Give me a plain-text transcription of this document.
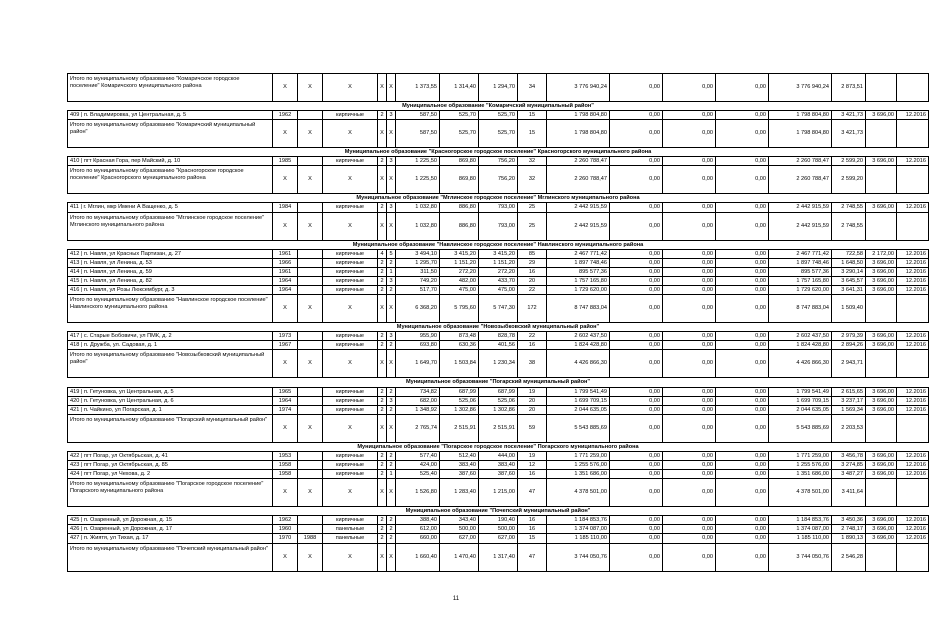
Итого по муниципальному образованию "Комаричское городское поселение" Комаричского муниципального района	X	X	X	X	X	1 373,55	1 314,40	1 294,70	34	3 776 940,24	0,00	0,00	0,00	3 776 940,24	2 873,51		
Муниципальное образование "Комаричский муниципальный район"																	
409 | п. Владимировка, ул Центральная, д. 5	1962		кирпичные	2	3	587,50	525,70	525,70	15	1 798 804,80	0,00	0,00	0,00	1 798 804,80	3 421,73	3 696,00	12.2016
Итого по муниципальному образованию "Комаричский муниципальный район"	X	X	X	X	X	587,50	525,70	525,70	15	1 798 804,80	0,00	0,00	0,00	1 798 804,80	3 421,73		
Муниципальное образование "Красногорское городское поселение" Красногорского муниципального района																	
410 | пгт Красная Гора, пер Майский, д. 10	1985		кирпичные	2	3	1 225,50	869,80	756,20	32	2 260 788,47	0,00	0,00	0,00	2 260 788,47	2 599,20	3 696,00	12.2016
Итого по муниципальному образованию "Красногорское городское поселение" Красногорского муниципального района	X	X	X	X	X	1 225,50	869,80	756,20	32	2 260 788,47	0,00	0,00	0,00	2 260 788,47	2 599,20		
Муниципальное образование "Мглинское городское поселение" Мглинского муниципального района																	
411 | г. Мглин, мкр Имени А Ващенко, д. 5	1984		кирпичные	2	3	1 032,80	886,80	793,00	25	2 442 915,59	0,00	0,00	0,00	2 442 915,59	2 748,55	3 696,00	12.2016
Итого по муниципальному образованию "Мглинское городское поселение" Мглинского муниципального района	X	X	X	X	X	1 032,80	886,80	793,00	25	2 442 915,59	0,00	0,00	0,00	2 442 915,59	2 748,55		
Муниципальное образование "Навлинское городское поселение" Навлинского муниципального района																	
412 | п. Навля, ул Красных Партизан, д. 27	1961		кирпичные	4	5	3 494,10	3 415,20	3 415,20	85	2 467 771,42	0,00	0,00	0,00	2 467 771,42	722,58	2 172,00	12.2016
413 | п. Навля, ул Ленина, д. 53	1966		кирпичные	2	2	1 295,70	1 151,20	1 151,20	29	1 897 748,46	0,00	0,00	0,00	1 897 748,46	1 648,50	3 696,00	12.2016
414 | п. Навля, ул Ленина, д. 59	1961		кирпичные	2	1	311,50	272,20	272,20	16	895 577,36	0,00	0,00	0,00	895 577,36	3 290,14	3 696,00	12.2016
415 | п. Навля, ул Ленина, д. 82	1964		кирпичные	2	3	749,20	482,00	433,70	20	1 757 165,80	0,00	0,00	0,00	1 757 165,80	3 645,57	3 696,00	12.2016
416 | п. Навля, ул Розы Люксембург, д. 3	1964		кирпичные	2	2	517,70	475,00	475,00	22	1 729 620,00	0,00	0,00	0,00	1 729 620,00	3 641,31	3 696,00	12.2016
Итого по муниципальному образованию "Навлинское городское поселение" Навлинского муниципального района	X	X	X	X	X	6 368,20	5 795,60	5 747,30	172	8 747 883,04	0,00	0,00	0,00	8 747 883,04	1 509,40		
Муниципальное образование "Новозыбковский муниципальный район"																	
417 | с. Старые Бобовичи, ул ПМК, д. 2	1973		кирпичные	2	3	955,90	873,48	828,78	22	2 602 437,50	0,00	0,00	0,00	2 602 437,50	2 979,39	3 696,00	12.2016
418 | п. Дружба, ул. Садовая, д. 1	1967		кирпичные	2	2	693,80	630,36	401,56	16	1 824 428,80	0,00	0,00	0,00	1 824 428,80	2 894,26	3 696,00	12.2016
Итого по муниципальному образованию "Новозыбковский муниципальный район"	X	X	X	X	X	1 649,70	1 503,84	1 230,34	38	4 426 866,30	0,00	0,00	0,00	4 426 866,30	2 943,71		
Муниципальное образование "Погарский муниципальный район"																	
419 | п. Гетуновка, ул Центральная, д. 5	1965		кирпичные	2	2	734,82	687,99	687,99	19	1 799 541,49	0,00	0,00	0,00	1 799 541,49	2 615,65	3 696,00	12.2016
420 | п. Гетуновка, ул Центральная, д. 6	1964		кирпичные	2	3	682,00	525,06	525,06	20	1 699 709,15	0,00	0,00	0,00	1 699 709,15	3 237,17	3 696,00	12.2016
421 | п. Чайкино, ул Погарская, д. 1	1974		кирпичные	2	2	1 348,92	1 302,86	1 302,86	20	2 044 635,05	0,00	0,00	0,00	2 044 635,05	1 569,34	3 696,00	12.2016
Итого по муниципальному образованию "Погарский муниципальный район"	X	X	X	X	X	2 765,74	2 515,91	2 515,91	59	5 543 885,69	0,00	0,00	0,00	5 543 885,69	2 203,53		
Муниципальное образование "Погарское городское поселение" Погарского муниципального района																	
422 | пгт Погар, ул Октябрьская, д. 41	1953		кирпичные	2	2	577,40	512,40	444,00	19	1 771 259,00	0,00	0,00	0,00	1 771 259,00	3 456,78	3 696,00	12.2016
423 | пгт Погар, ул Октябрьская, д. 85	1958		кирпичные	2	2	424,00	383,40	383,40	12	1 255 576,00	0,00	0,00	0,00	1 255 576,00	3 274,85	3 696,00	12.2016
424 | пгт Погар, ул Чехова, д. 2	1958		кирпичные	2	1	525,40	387,60	387,60	16	1 351 686,00	0,00	0,00	0,00	1 351 686,00	3 487,27	3 696,00	12.2016
Итого по муниципальному образованию "Погарское городское поселение" Погарского муниципального района	X	X	X	X	X	1 526,80	1 283,40	1 215,00	47	4 378 501,00	0,00	0,00	0,00	4 378 501,00	3 411,64		
Муниципальное образование "Почепский муниципальный район"																	
425 | п. Озаренный, ул Дорожная, д. 15	1962		кирпичные	2	2	388,40	343,40	190,40	16	1 184 853,76	0,00	0,00	0,00	1 184 853,76	3 450,36	3 696,00	12.2016
426 | п. Озаренный, ул Дорожная, д. 17	1960		панельные	2	2	612,00	500,00	500,00	16	1 374 087,00	0,00	0,00	0,00	1 374 087,00	2 748,17	3 696,00	12.2016
427 | п. Жиятя, ул Тихая, д. 17	1970	1988	панельные	2	2	660,00	627,00	627,00	15	1 185 110,00	0,00	0,00	0,00	1 185 110,00	1 890,13	3 696,00	12.2016
Итого по муниципальному образованию "Почепский муниципальный район"	X	X	X	X	X	1 660,40	1 470,40	1 317,40	47	3 744 050,76	0,00	0,00	0,00	3 744 050,76	2 546,28		
11
